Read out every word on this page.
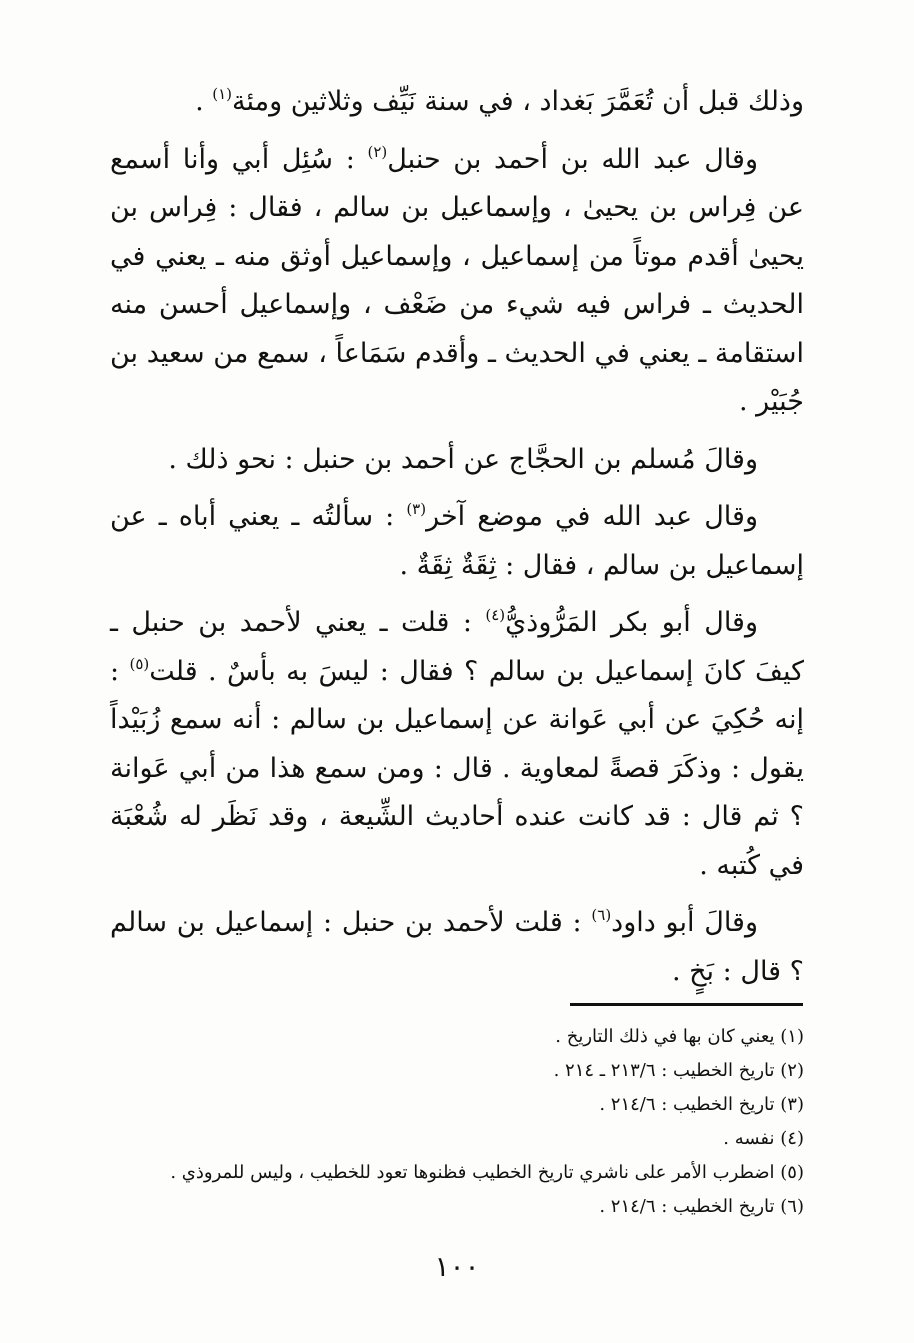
وذلك قبل أن تُعَمَّرَ بَغداد ، في سنة نَيِّف وثلاثين ومئة$^{(١)}$ .

وقال عبد الله بن أحمد بن حنبل$^{(٢)}$ : سُئِل أبي وأنا أسمع عن فِراس بن يحيىٰ ، وإسماعيل بن سالم ، فقال : فِراس بن يحيىٰ أقدم موتاً من إسماعيل ، وإسماعيل أوثق منه ـ يعني في الحديث ـ فراس فيه شيء من ضَعْف ، وإسماعيل أحسن منه استقامة ـ يعني في الحديث ـ وأقدم سَمَاعاً ، سمع من سعيد بن جُبَيْر .

وقالَ مُسلم بن الحجَّاج عن أحمد بن حنبل : نحو ذلك .

وقال عبد الله في موضع آخر$^{(٣)}$ : سألتُه ـ يعني أباه ـ عن إسماعيل بن سالم ، فقال : ثِقَةٌ ثِقَةٌ .

وقال أبو بكر المَرُّوذيُّ$^{(٤)}$ : قلت ـ يعني لأحمد بن حنبل ـ كيفَ كانَ إسماعيل بن سالم ؟ فقال : ليسَ به بأسٌ . قلت$^{(٥)}$ : إنه حُكِيَ عن أبي عَوانة عن إسماعيل بن سالم : أنه سمع زُبَيْداً يقول : وذكَرَ قصةً لمعاوية . قال : ومن سمع هذا من أبي عَوانة ؟ ثم قال : قد كانت عنده أحاديث الشِّيعة ، وقد نَظَر له شُعْبَة في كُتبه .

وقالَ أبو داود$^{(٦)}$ : قلت لأحمد بن حنبل : إسماعيل بن سالم ؟ قال : بَخٍ .

(١) يعني كان بها في ذلك التاريخ .
(٢) تاريخ الخطيب : ٢١٣/٦ ـ ٢١٤ .
(٣) تاريخ الخطيب : ٢١٤/٦ .
(٤) نفسه .
(٥) اضطرب الأمر على ناشري تاريخ الخطيب فظنوها تعود للخطيب ، وليس للمروذي .
(٦) تاريخ الخطيب : ٢١٤/٦ .
١٠٠
